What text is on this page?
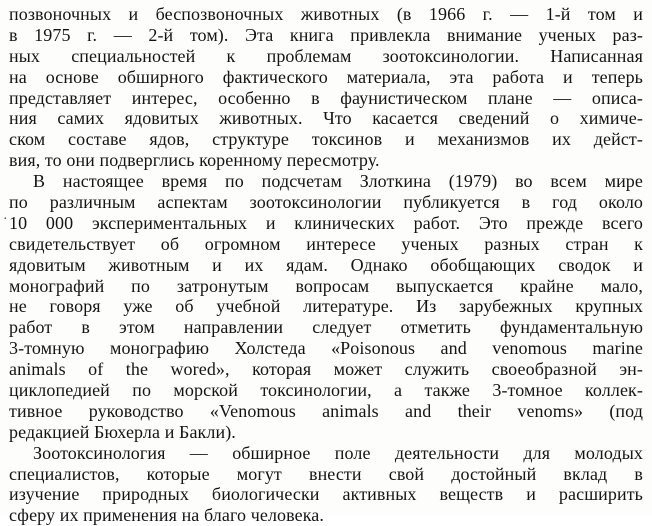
позвоночных и беспозвоночных животных (в 1966 г. — 1-й том и
в 1975 г. — 2-й том). Эта книга привлекла внимание ученых раз-
ных специальностей к проблемам зоотоксинологии. Написанная
на основе обширного фактического материала, эта работа и теперь
представляет интерес, особенно в фаунистическом плане — описа-
ния самих ядовитых животных. Что касается сведений о химиче-
ском составе ядов, структуре токсинов и механизмов их дейст-
вия, то они подверглись коренному пересмотру.
В настоящее время по подсчетам Злоткина (1979) во всем мире
по различным аспектам зоотоксинологии публикуется в год около
10 000 экспериментальных и клинических работ. Это прежде всего
свидетельствует об огромном интересе ученых разных стран к
ядовитым животным и их ядам. Однако обобщающих сводок и
монографий по затронутым вопросам выпускается крайне мало,
не говоря уже об учебной литературе. Из зарубежных крупных
работ в этом направлении следует отметить фундаментальную
3-томную монографию Холстеда «Poisonous and venomous marine
animals of the wored», которая может служить своеобразной эн-
циклопедией по морской токсинологии, а также 3-томное коллек-
тивное руководство «Venomous animals and their venoms» (под
редакцией Бюхерла и Бакли).
Зоотоксинология — обширное поле деятельности для молодых
специалистов, которые могут внести свой достойный вклад в
изучение природных биологически активных веществ и расширить
сферу их применения на благо человека.
·
